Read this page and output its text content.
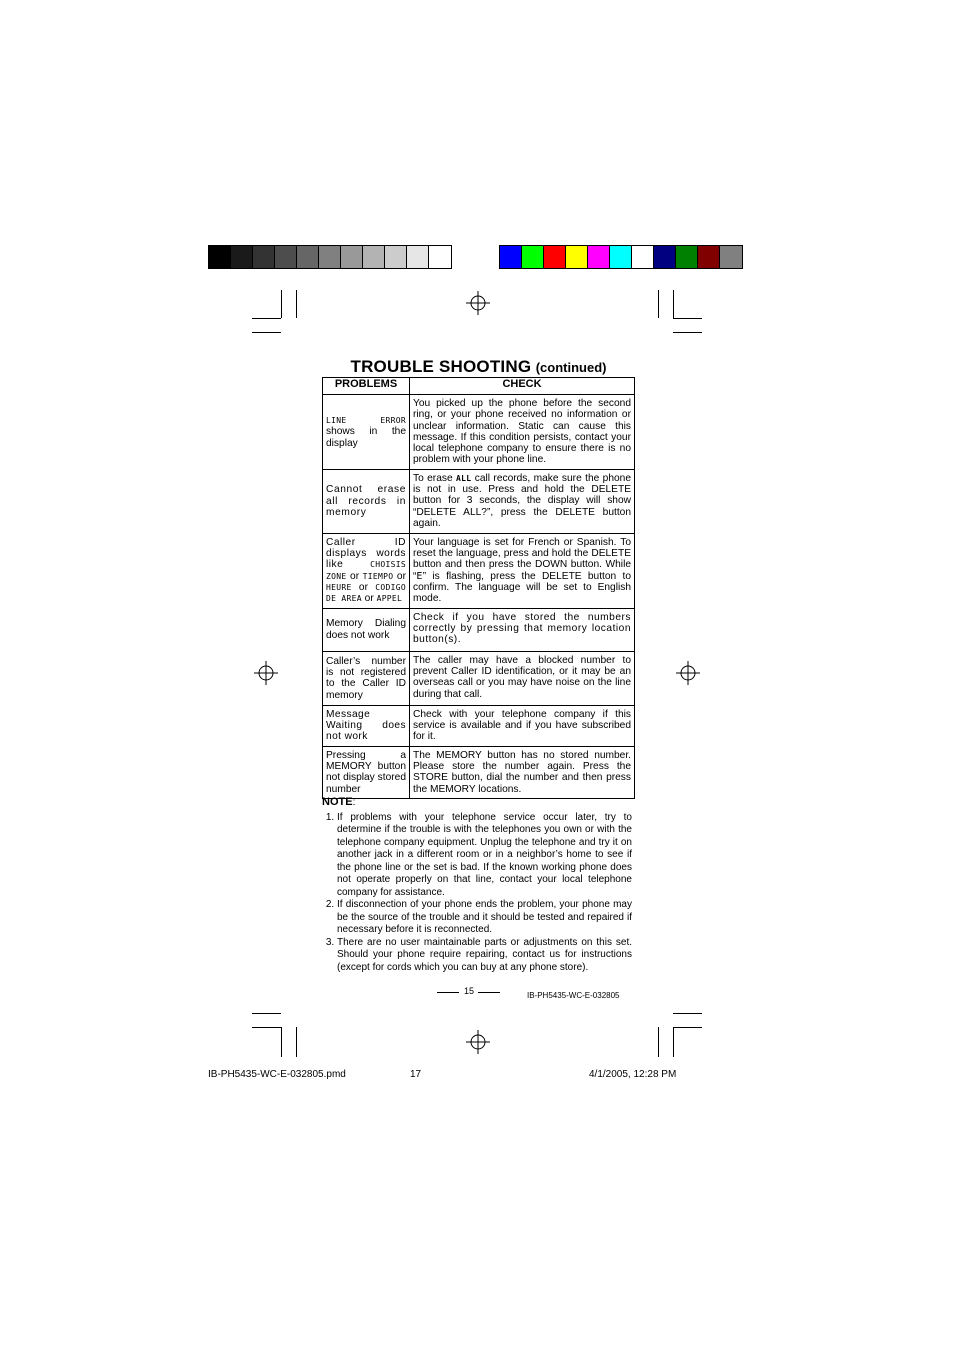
TROUBLE SHOOTING (continued)
PROBLEMS	CHECK
LINE ERROR shows in the display	You picked up the phone before the second ring, or your phone received no information or unclear information. Static can cause this message. If this condition persists, contact your local telephone company to ensure there is no problem with your phone line.
Cannot erase all records in memory	To erase ALL call records, make sure the phone is not in use. Press and hold the DELETE button for 3 seconds, the display will show “DELETE ALL?”, press the DELETE button again.
Caller ID displays words like CHOISIS ZONE or TIEMPO or HEURE or CODIGO DE AREA or APPEL	Your language is set for French or Spanish. To reset the language, press and hold the DELETE button and then press the DOWN button. While “E” is flashing, press the DELETE button to confirm. The language will be set to English mode.
Memory Dialing does not work	Check if you have stored the numbers correctly by pressing that memory location button(s).
Caller’s number is not registered to the Caller ID memory	The caller may have a blocked number to prevent Caller ID identification, or it may be an overseas call or you may have noise on the line during that call.
Message Waiting does not work	Check with your telephone company if this service is available and if you have subscribed for it.
Pressing a MEMORY button not display stored number	The MEMORY button has no stored number. Please store the number again. Press the STORE button, dial the number and then press the MEMORY locations.
NOTE:
1. If problems with your telephone service occur later, try to determine if the trouble is with the telephones you own or with the telephone company equipment. Unplug the telephone and try it on another jack in a different room or in a neighbor’s home to see if the phone line or the set is bad. If the known working phone does not operate properly on that line, contact your local telephone company for assistance.
2. If disconnection of your phone ends the problem, your phone may be the source of the trouble and it should be tested and repaired if necessary before it is reconnected.
3. There are no user maintainable parts or adjustments on this set. Should your phone require repairing, contact us for instructions (except for cords which you can buy at any phone store).
15	IB-PH5435-WC-E-032805
IB-PH5435-WC-E-032805.pmd	17	4/1/2005, 12:28 PM
